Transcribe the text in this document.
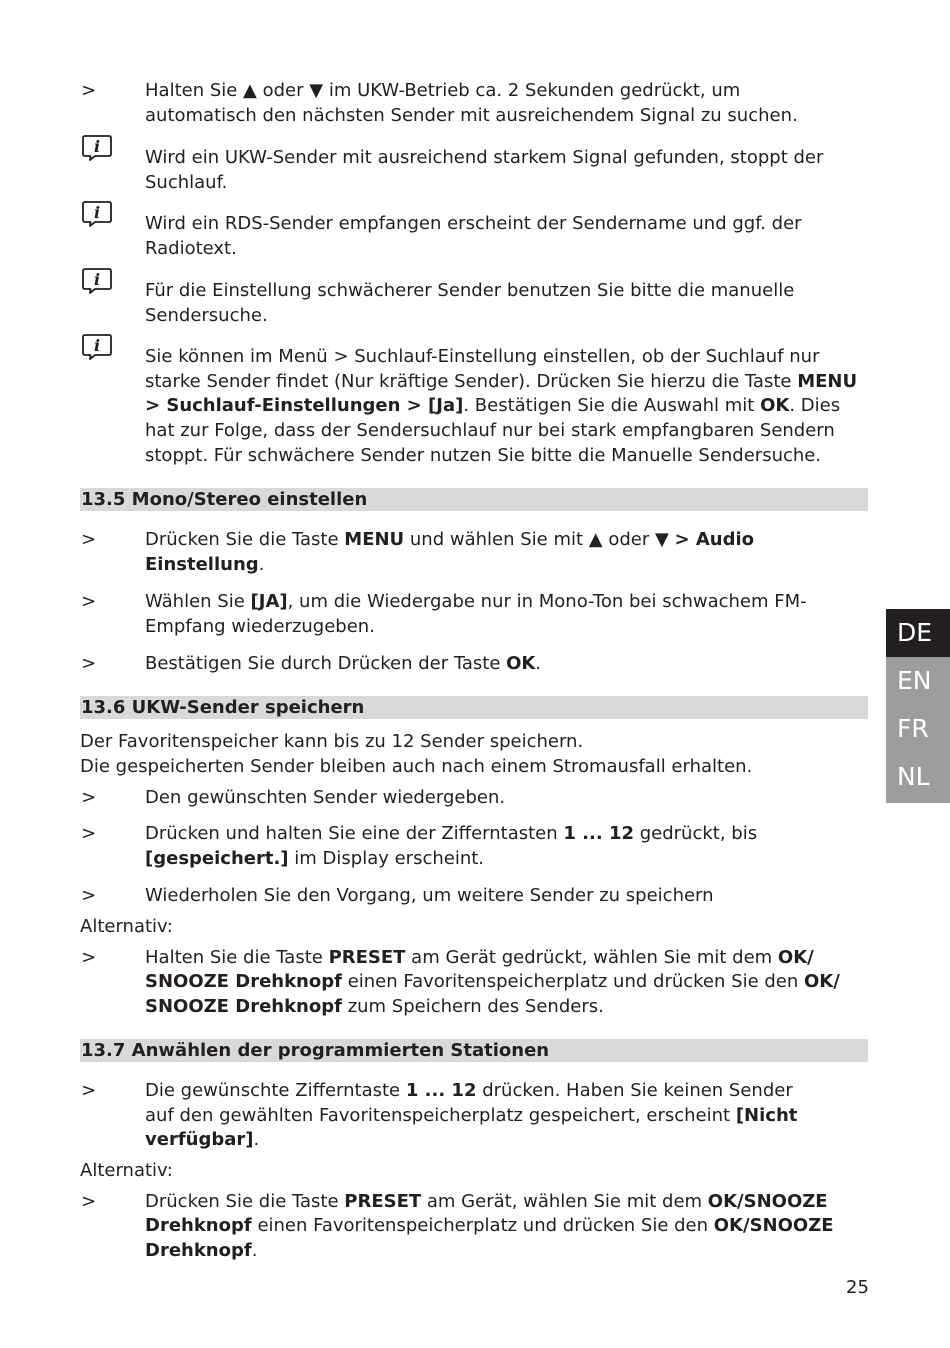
>	Halten Sie ▲ oder ▼ im UKW-Betrieb ca. 2 Sekunden gedrückt, um
automatisch den nächsten Sender mit ausreichendem Signal zu suchen.
i
Wird ein UKW-Sender mit ausreichend starkem Signal gefunden, stoppt der
Suchlauf.
i
Wird ein RDS-Sender empfangen erscheint der Sendername und ggf. der
Radiotext.
i
Für die Einstellung schwächerer Sender benutzen Sie bitte die manuelle
Sendersuche.
i
Sie können im Menü > Suchlauf-Einstellung einstellen, ob der Suchlauf nur
starke Sender findet (Nur kräftige Sender). Drücken Sie hierzu die Taste MENU
> Suchlauf-Einstellungen > [Ja]. Bestätigen Sie die Auswahl mit OK. Dies
hat zur Folge, dass der Sendersuchlauf nur bei stark empfangbaren Sendern
stoppt. Für schwächere Sender nutzen Sie bitte die Manuelle Sendersuche.
13.5 Mono/Stereo einstellen
>	Drücken Sie die Taste MENU und wählen Sie mit ▲ oder ▼ > Audio
Einstellung.
>	Wählen Sie [JA], um die Wiedergabe nur in Mono-Ton bei schwachem FM-
Empfang wiederzugeben.
>	Bestätigen Sie durch Drücken der Taste OK.
13.6 UKW-Sender speichern
Der Favoritenspeicher kann bis zu 12 Sender speichern.
Die gespeicherten Sender bleiben auch nach einem Stromausfall erhalten.
>	Den gewünschten Sender wiedergeben.
>	Drücken und halten Sie eine der Zifferntasten 1 ... 12 gedrückt, bis
[gespeichert.] im Display erscheint.
>	Wiederholen Sie den Vorgang, um weitere Sender zu speichern
Alternativ:
>	Halten Sie die Taste PRESET am Gerät gedrückt, wählen Sie mit dem OK/
SNOOZE Drehknopf einen Favoritenspeicherplatz und drücken Sie den OK/
SNOOZE Drehknopf zum Speichern des Senders.
13.7 Anwählen der programmierten Stationen
>	Die gewünschte Zifferntaste 1 ... 12 drücken. Haben Sie keinen Sender
auf den gewählten Favoritenspeicherplatz gespeichert, erscheint [Nicht
verfügbar].
Alternativ:
>	Drücken Sie die Taste PRESET am Gerät, wählen Sie mit dem OK/SNOOZE
Drehknopf einen Favoritenspeicherplatz und drücken Sie den OK/SNOOZE
Drehknopf.
DE
EN
FR
NL
25
